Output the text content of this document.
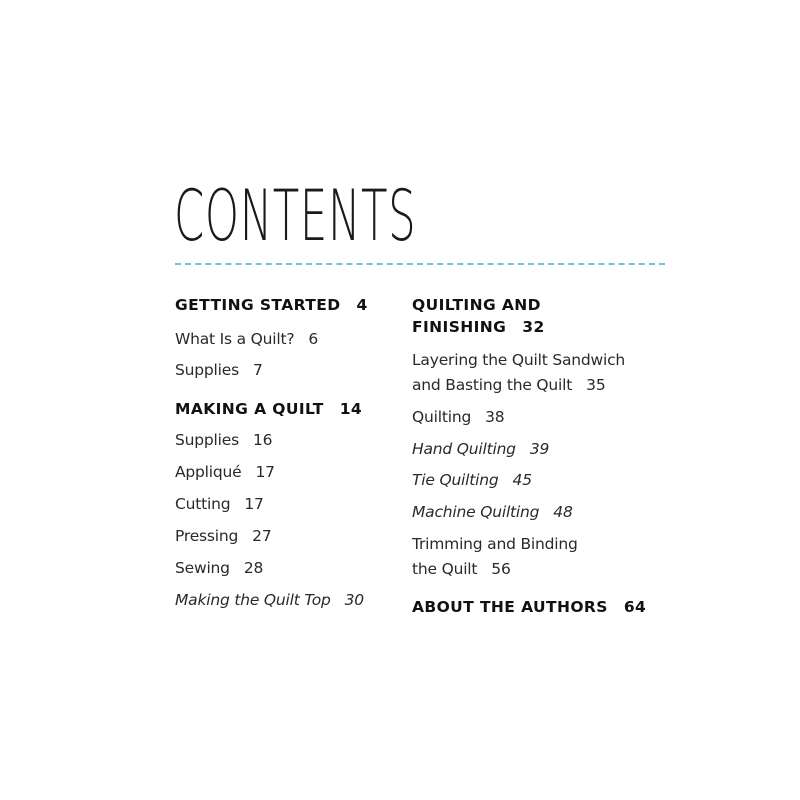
CONTENTS

GETTING STARTED 4

What Is a Quilt? 6

Supplies 7

MAKING A QUILT 14

Supplies 16

Appliqué 17

Cutting 17

Pressing 27

Sewing 28

Making the Quilt Top 30

QUILTING AND
FINISHING 32

Layering the Quilt Sandwich
and Basting the Quilt 35

Quilting 38

Hand Quilting 39

Tie Quilting 45

Machine Quilting 48

Trimming and Binding
the Quilt 56

ABOUT THE AUTHORS 64
